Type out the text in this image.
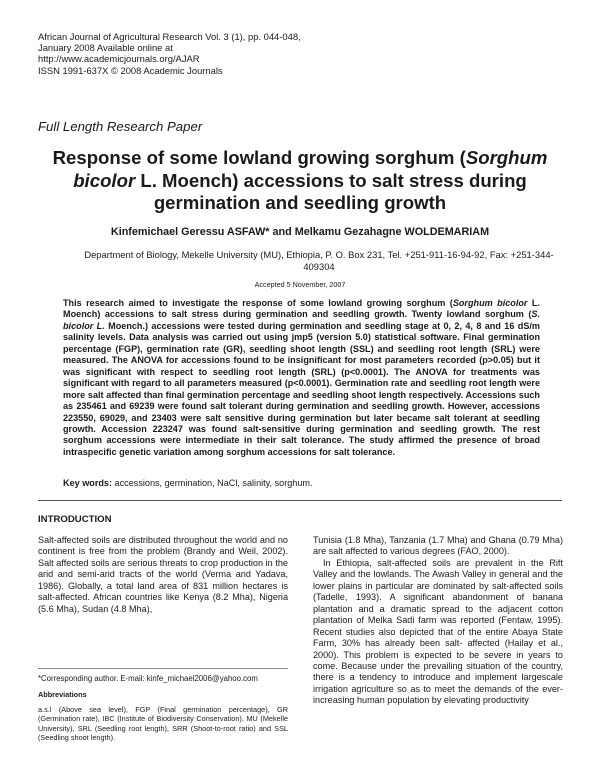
African Journal of Agricultural Research Vol. 3 (1), pp. 044-048,
January 2008 Available online at
http://www.academicjournals.org/AJAR
ISSN 1991-637X © 2008 Academic Journals
Full Length Research Paper
Response of some lowland growing sorghum (Sorghum
bicolor L. Moench) accessions to salt stress during
germination and seedling growth
Kinfemichael Geressu ASFAW* and Melkamu Gezahagne WOLDEMARIAM
Department of Biology, Mekelle University (MU), Ethiopia, P. O. Box 231, Tel. +251-911-16-94-92, Fax: +251-344-409304
Accepted 5 November, 2007
This research aimed to investigate the response of some lowland growing sorghum (Sorghum bicolor L. Moench) accessions to salt stress during germination and seedling growth. Twenty lowland sorghum (S. bicolor L. Moench.) accessions were tested during germination and seedling stage at 0, 2, 4, 8 and 16 dS/m salinity levels. Data analysis was carried out using jmp5 (version 5.0) statistical software. Final germination percentage (FGP), germination rate (GR), seedling shoot length (SSL) and seedling root length (SRL) were measured. The ANOVA for accessions found to be insignificant for most parameters recorded (p>0.05) but it was significant with respect to seedling root length (SRL) (p<0.0001). The ANOVA for treatments was significant with regard to all parameters measured (p<0.0001). Germination rate and seedling root length were more salt affected than final germination percentage and seedling shoot length respectively. Accessions such as 235461 and 69239 were found salt tolerant during germination and seedling growth. However, accessions 223550, 69029, and 23403 were salt sensitive during germination but later became salt tolerant at seedling growth. Accession 223247 was found salt-sensitive during germination and seedling growth. The rest sorghum accessions were intermediate in their salt tolerance. The study affirmed the presence of broad intraspecific genetic variation among sorghum accessions for salt tolerance.
Key words: accessions, germination, NaCl, salinity, sorghum.
INTRODUCTION
Salt-affected soils are distributed throughout the world and no continent is free from the problem (Brandy and Weil, 2002). Salt affected soils are serious threats to crop production in the arid and semi-arid tracts of the world (Verma and Yadava, 1986). Globally, a total land area of 831 million hectares is salt-affected. African countries like Kenya (8.2 Mha), Nigeria (5.6 Mha), Sudan (4.8 Mha),

Tunisia (1.8 Mha), Tanzania (1.7 Mha) and Ghana (0.79 Mha) are salt affected to various degrees (FAO, 2000).

In Ethiopia, salt-affected soils are prevalent in the Rift Valley and the lowlands. The Awash Valley in general and the lower plains in particular are dominated by salt-affected soils (Tadelle, 1993). A significant abandonment of banana plantation and a dramatic spread to the adjacent cotton plantation of Melka Sadi farm was reported (Fentaw, 1995). Recent studies also depicted that of the entire Abaya State Farm, 30% has already been salt- affected (Hailay et al., 2000). This problem is expected to be severe in years to come. Because under the prevailing situation of the country, there is a tendency to introduce and implement largescale irrigation agriculture so as to meet the demands of the ever-increasing human population by elevating productivity

*Corresponding author. E-mail: kinfe_michael2006@yahoo.com
Abbreviations
a.s.l (Above sea level), FGP (Final germination percentage), GR (Germination rate), IBC (Institute of Biodiversity Conservation), MU (Mekelle University), SRL (Seedling root length), SRR (Shoot-to-root ratio) and SSL (Seedling shoot length).
